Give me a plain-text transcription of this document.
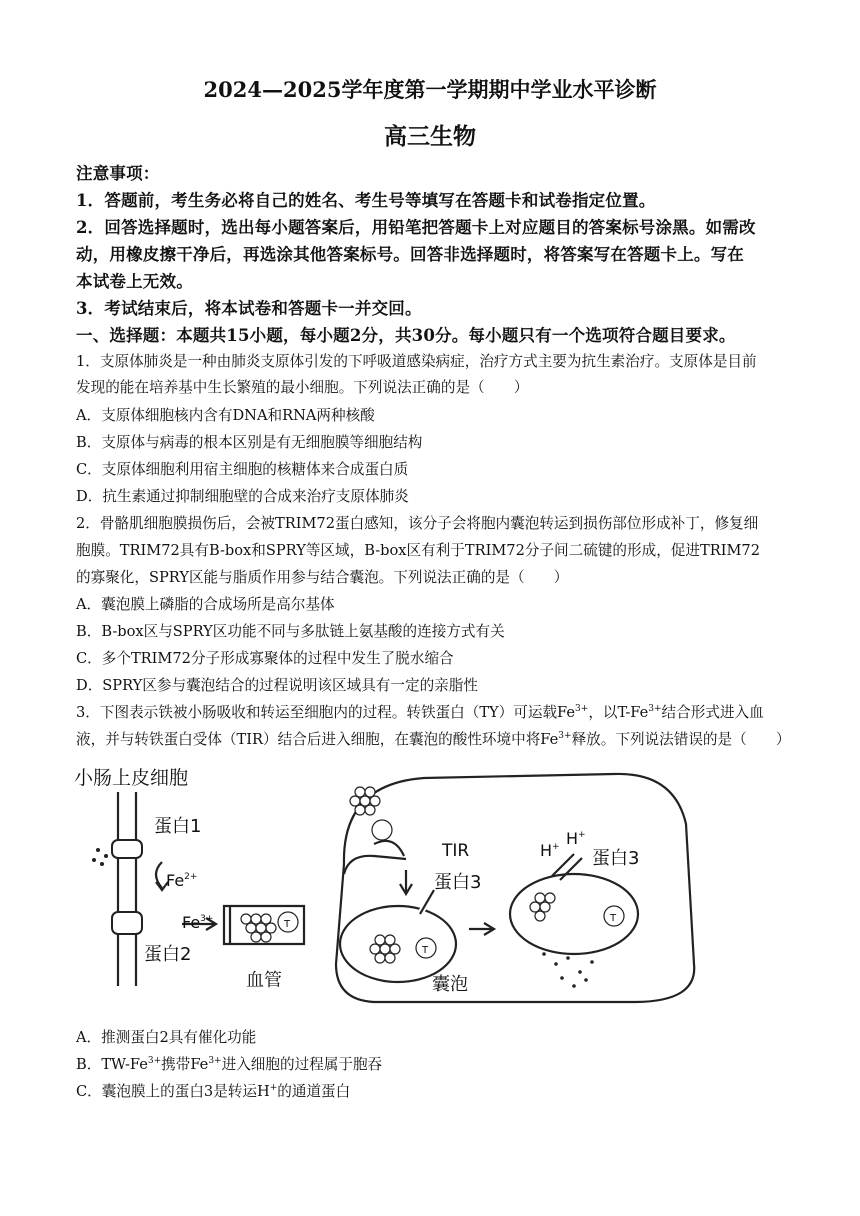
2024—2025学年度第一学期期中学业水平诊断
高三生物
注意事项：
1．答题前，考生务必将自己的姓名、考生号等填写在答题卡和试卷指定位置。
2．回答选择题时，选出每小题答案后，用铅笔把答题卡上对应题目的答案标号涂黑。如需改
动，用橡皮擦干净后，再选涂其他答案标号。回答非选择题时，将答案写在答题卡上。写在
本试卷上无效。
3．考试结束后，将本试卷和答题卡一并交回。
一、选择题：本题共15小题，每小题2分，共30分。每小题只有一个选项符合题目要求。
1．支原体肺炎是一种由肺炎支原体引发的下呼吸道感染病症，治疗方式主要为抗生素治疗。支原体是目前
发现的能在培养基中生长繁殖的最小细胞。下列说法正确的是（　　）
A．支原体细胞核内含有DNA和RNA两种核酸
B．支原体与病毒的根本区别是有无细胞膜等细胞结构
C．支原体细胞利用宿主细胞的核糖体来合成蛋白质
D．抗生素通过抑制细胞壁的合成来治疗支原体肺炎
2．骨骼肌细胞膜损伤后，会被TRIM72蛋白感知，该分子会将胞内囊泡转运到损伤部位形成补丁，修复细
胞膜。TRIM72具有B-box和SPRY等区域，B-box区有利于TRIM72分子间二硫键的形成，促进TRIM72
的寡聚化，SPRY区能与脂质作用参与结合囊泡。下列说法正确的是（　　）
A．囊泡膜上磷脂的合成场所是高尔基体
B．B-box区与SPRY区功能不同与多肽链上氨基酸的连接方式有关
C．多个TRIM72分子形成寡聚体的过程中发生了脱水缩合
D．SPRY区参与囊泡结合的过程说明该区域具有一定的亲脂性
3．下图表示铁被小肠吸收和转运至细胞内的过程。转铁蛋白（TY）可运载$Fe^{3+}$，以$T-Fe^{3+}$结合形式进入血
液，并与转铁蛋白受体（TIR）结合后进入细胞，在囊泡的酸性环境中将$Fe^{3+}$释放。下列说法错误的是（　　）
小肠上皮细胞
蛋白1
$Fe^{2+}$
$Fe^{3+}$
蛋白2
血管
TIR
蛋白3
囊泡
H+ H+
蛋白3
T
T
T
A．推测蛋白2具有催化功能
B．$TW-Fe^{3+}$携带$Fe^{3+}$进入细胞的过程属于胞吞
C．囊泡膜上的蛋白3是转运H+的通道蛋白
